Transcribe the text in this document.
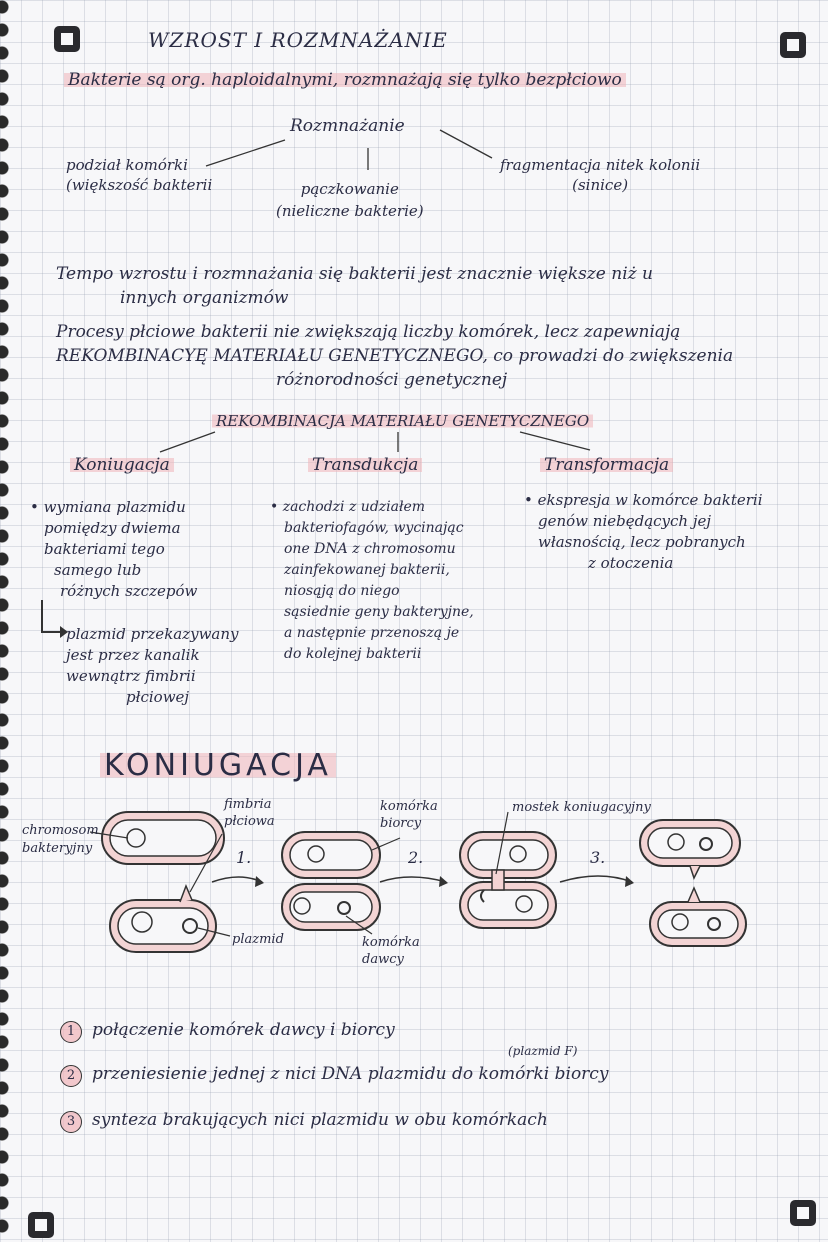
WZROST I ROZMNAŻANIE
Bakterie są org. haploidalnymi, rozmnażają się tylko bezpłciowo
Rozmnażanie
podział komórki
(większość bakterii	pączkowanie
(nieliczne bakterie)
fragmentacja nitek kolonii
(sinice)
Tempo wzrostu i rozmnażania się bakterii jest znacznie większe niż u
innych organizmów
Procesy płciowe bakterii nie zwiększają liczby komórek, lecz zapewniają
REKOMBINACYĘ MATERIAŁU GENETYCZNEGO, co prowadzi do zwiększenia
różnorodności genetycznej
REKOMBINACJA MATERIAŁU GENETYCZNEGO
Koniugacja	Transdukcja	Transformacja
• wymiana plazmidu
pomiędzy dwiema
bakteriami tego
samego lub
różnych szczepów
plazmid przekazywany
jest przez kanalik
wewnątrz fimbrii
płciowej
• zachodzi z udziałem
bakteriofagów, wycinając
one DNA z chromosomu
zainfekowanej bakterii,
niosąją do niego
sąsiednie geny bakteryjne,
a następnie przenoszą je
do kolejnej bakterii
• ekspresja w komórce bakterii
genów niebędących jej
własnością, lecz pobranych
z otoczenia
KONIUGACJA
chromosom bakteryjny
fimbria płciowa
komórka biorcy
mostek koniugacyjny
plazmid	komórka dawcy
1.	2.	3.
1 połączenie komórek dawcy i biorcy
(plazmid F)
2 przeniesienie jednej z nici DNA plazmidu do komórki biorcy
3 synteza brakujących nici plazmidu w obu komórkach
